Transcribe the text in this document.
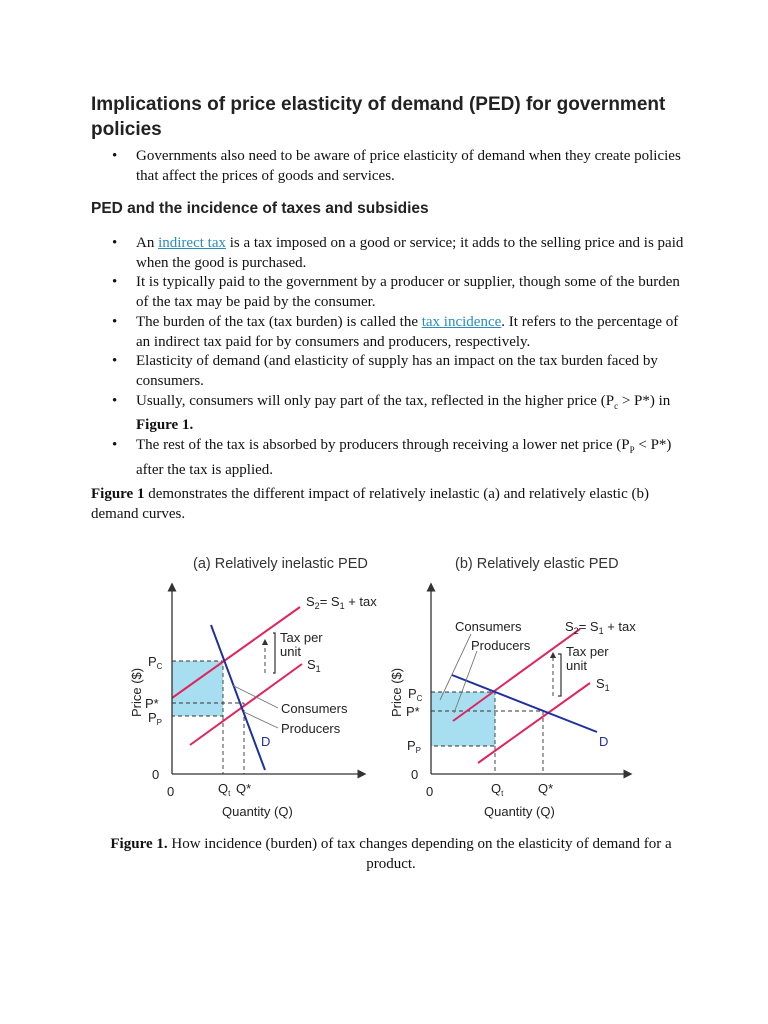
Implications of price elasticity of demand (PED) for government policies
• Governments also need to be aware of price elasticity of demand when they create policies that affect the prices of goods and services.
PED and the incidence of taxes and subsidies
• An indirect tax is a tax imposed on a good or service; it adds to the selling price and is paid when the good is purchased.
• It is typically paid to the government by a producer or supplier, though some of the burden of the tax may be paid by the consumer.
• The burden of the tax (tax burden) is called the tax incidence. It refers to the percentage of an indirect tax paid for by consumers and producers, respectively.
• Elasticity of demand (and elasticity of supply has an impact on the tax burden faced by consumers.
• Usually, consumers will only pay part of the tax, reflected in the higher price $(P_c > P*)$ in Figure 1.
• The rest of the tax is absorbed by producers through receiving a lower net price $(P_P < P*)$ after the tax is applied.
Figure 1 demonstrates the different impact of relatively inelastic (a) and relatively elastic (b) demand curves.
(a) Relatively inelastic PED
$S_2= S_1$ + tax
Tax per
unit
$S_1$
Consumers
Producers
D
$P_C$
P*
$P_P$
0
0	$Q_t$ Q*
Quantity (Q)
Price ($)
(b) Relatively elastic PED
Consumers
Producers
$S_2= S_1$ + tax
Tax per
unit
$S_1$
$P_C$
P*
$P_P$
D
0
0	$Q_t$	Q*
Quantity (Q)
Price ($)
Figure 1. How incidence (burden) of tax changes depending on the elasticity of demand for a product.
